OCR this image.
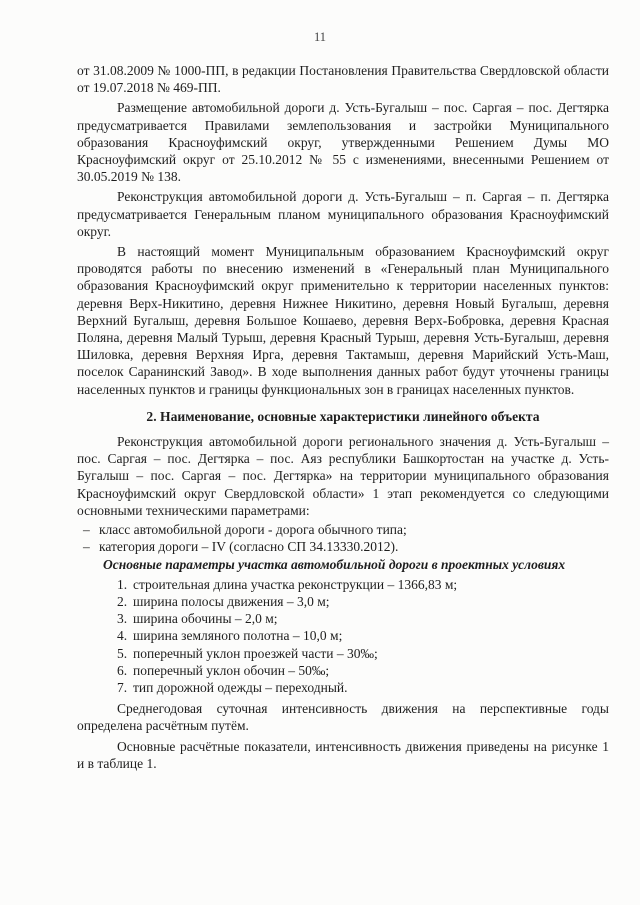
11

от 31.08.2009 № 1000-ПП, в редакции Постановления Правительства Свердловской области от 19.07.2018 № 469-ПП.

Размещение автомобильной дороги д. Усть-Бугалыш – пос. Саргая – пос. Дегтярка предусматривается Правилами землепользования и застройки Муниципального образования Красноуфимский округ, утвержденными Решением Думы МО Красноуфимский округ от 25.10.2012 № 55 с изменениями, внесенными Решением от 30.05.2019 № 138.

Реконструкция автомобильной дороги д. Усть-Бугалыш – п. Саргая – п. Дегтярка предусматривается Генеральным планом муниципального образования Красноуфимский округ.

В настоящий момент Муниципальным образованием Красноуфимский округ проводятся работы по внесению изменений в «Генеральный план Муниципального образования Красноуфимский округ применительно к территории населенных пунктов: деревня Верх-Никитино, деревня Нижнее Никитино, деревня Новый Бугалыш, деревня Верхний Бугалыш, деревня Большое Кошаево, деревня Верх-Бобровка, деревня Красная Поляна, деревня Малый Турыш, деревня Красный Турыш, деревня Усть-Бугалыш, деревня Шиловка, деревня Верхняя Ирга, деревня Тактамыш, деревня Марийский Усть-Маш, поселок Саранинский Завод». В ходе выполнения данных работ будут уточнены границы населенных пунктов и границы функциональных зон в границах населенных пунктов.

2. Наименование, основные характеристики линейного объекта

Реконструкция автомобильной дороги регионального значения д. Усть-Бугалыш – пос. Саргая – пос. Дегтярка – пос. Аяз республики Башкортостан на участке д. Усть-Бугалыш – пос. Саргая – пос. Дегтярка» на территории муниципального образования Красноуфимский округ Свердловской области» 1 этап рекомендуется со следующими основными техническими параметрами:

– класс автомобильной дороги - дорога обычного типа;
– категория дороги – IV (согласно СП 34.13330.2012).

Основные параметры участка автомобильной дороги в проектных условиях

1. строительная длина участка реконструкции – 1366,83 м;
2. ширина полосы движения – 3,0 м;
3. ширина обочины – 2,0 м;
4. ширина земляного полотна – 10,0 м;
5. поперечный уклон проезжей части – 30‰;
6. поперечный уклон обочин – 50‰;
7. тип дорожной одежды – переходный.

Среднегодовая суточная интенсивность движения на перспективные годы определена расчётным путём.

Основные расчётные показатели, интенсивность движения приведены на рисунке 1 и в таблице 1.
